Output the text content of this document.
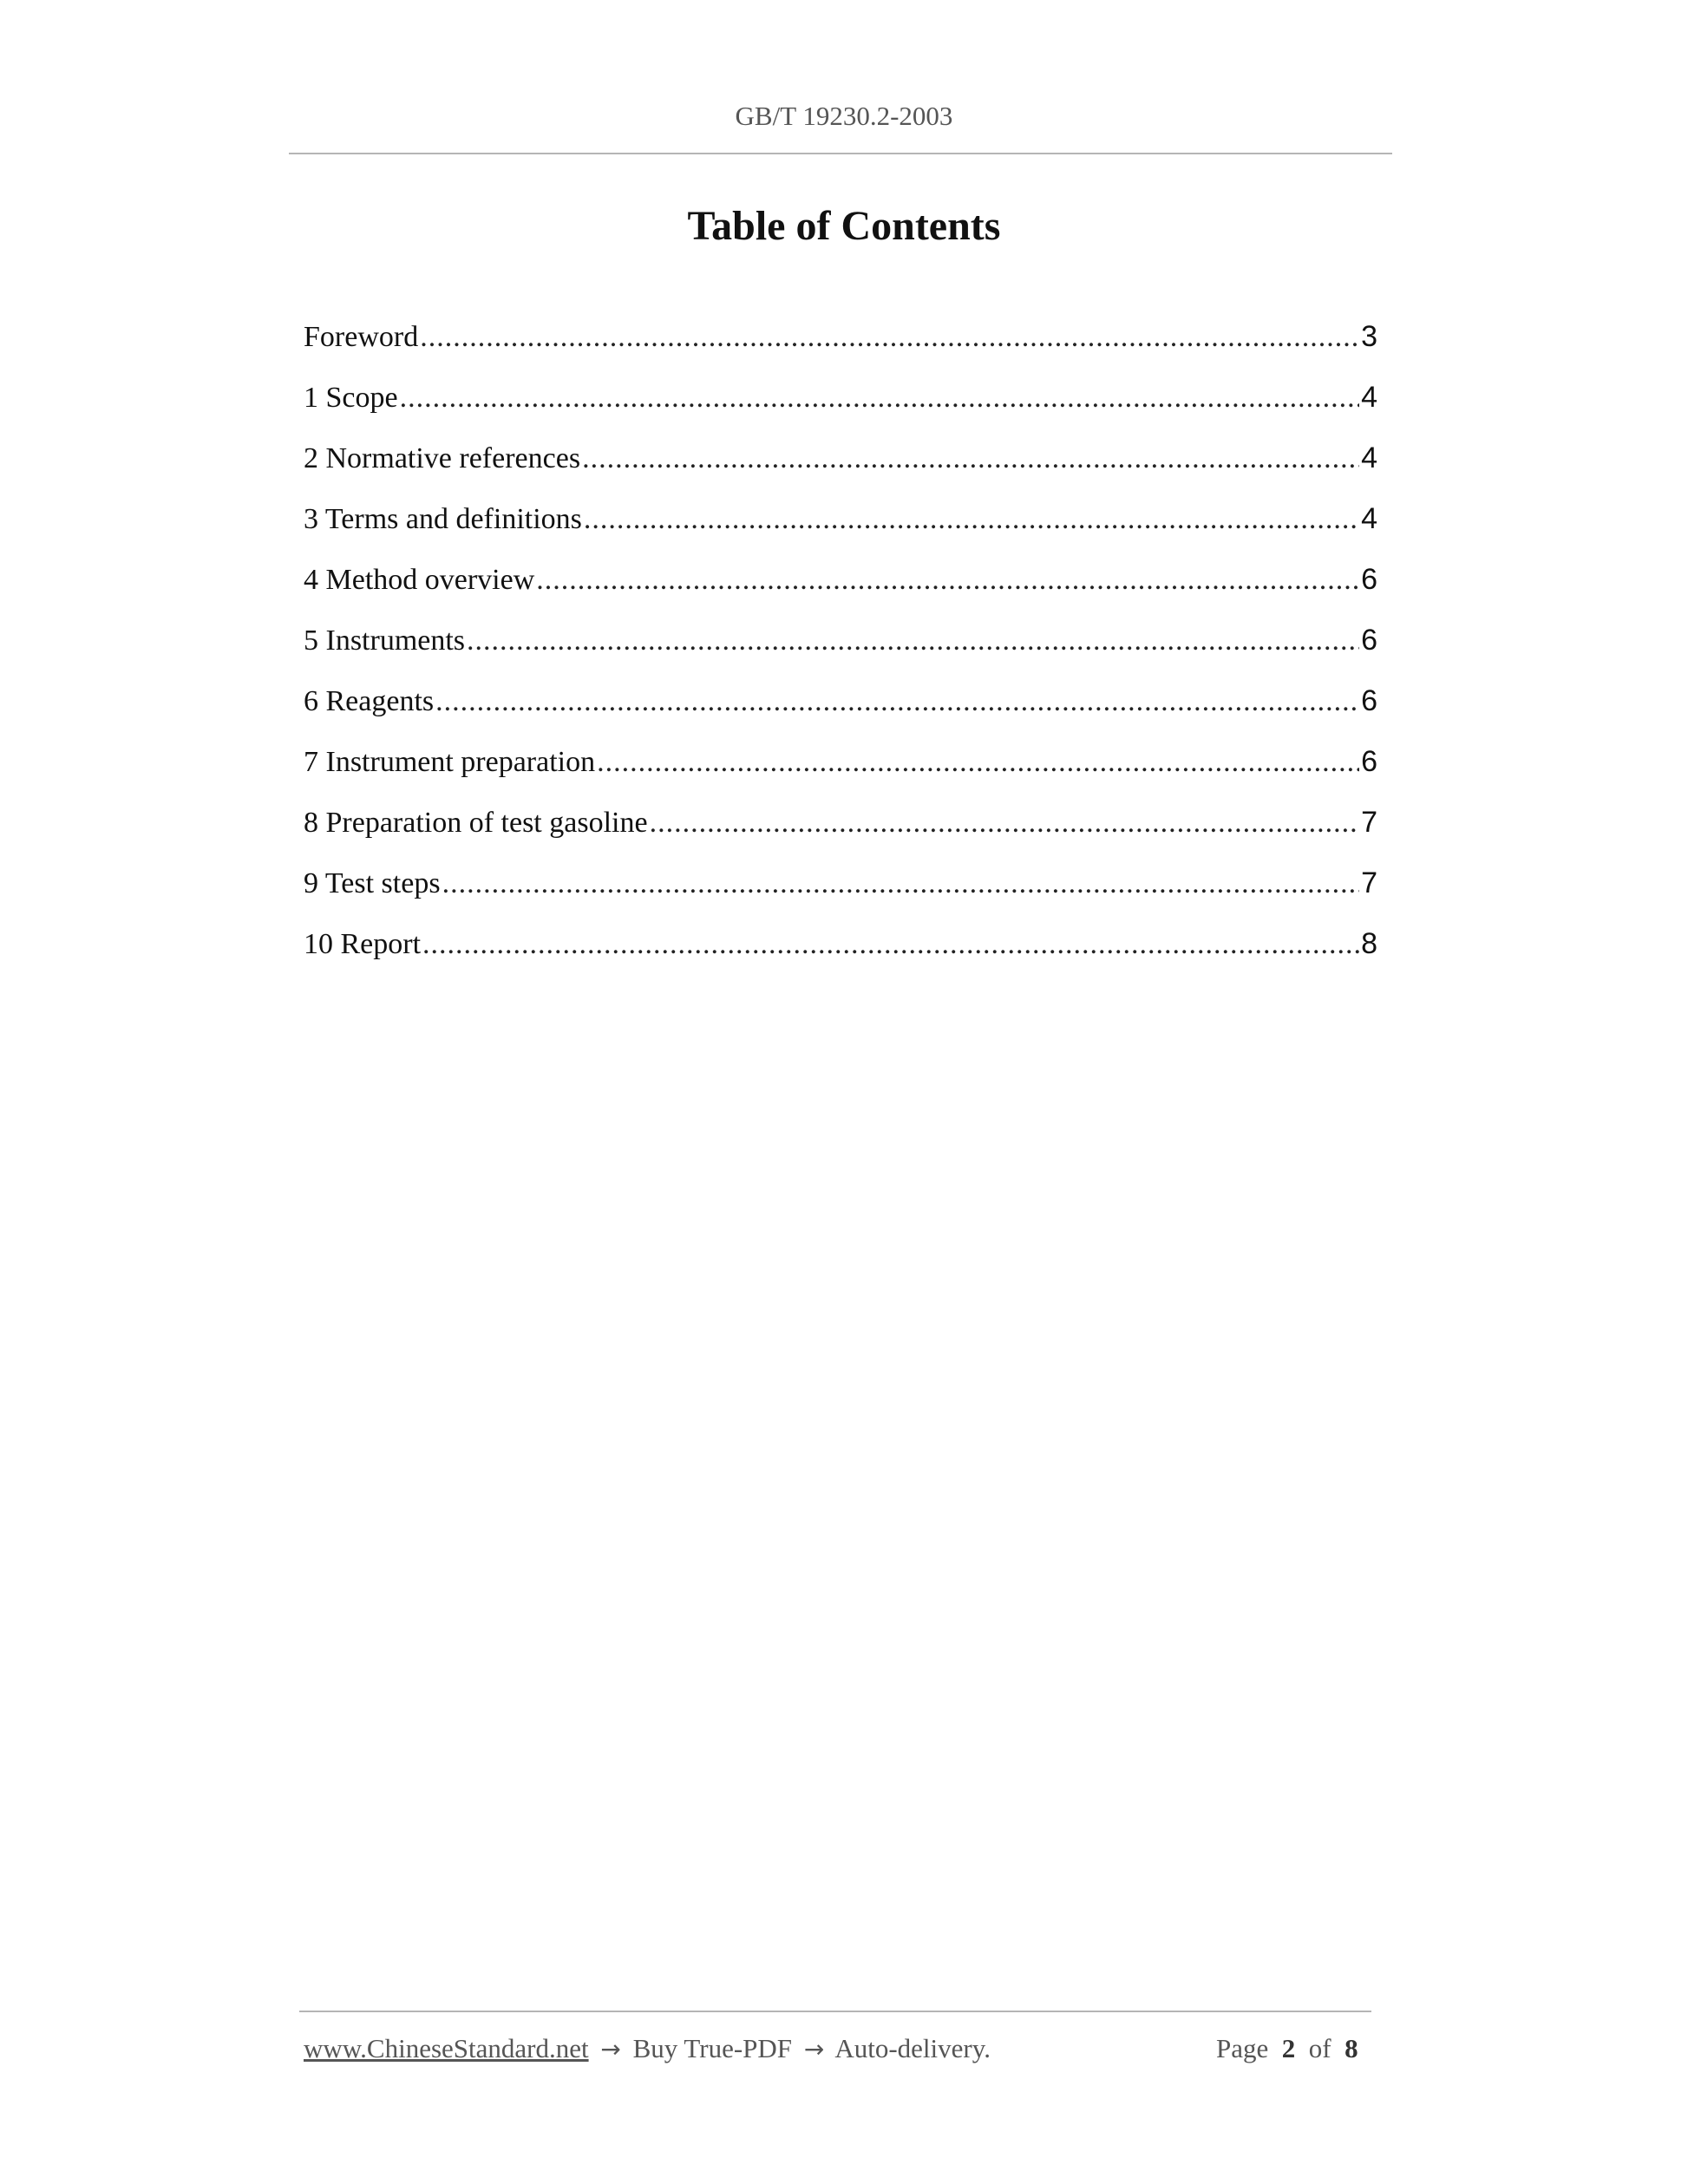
GB/T 19230.2-2003
Table of Contents
Foreword .....	3
1 Scope .....	4
2 Normative references .....	4
3 Terms and definitions .....	4
4 Method overview .....	6
5 Instruments .....	6
6 Reagents .....	6
7 Instrument preparation .....	6
8 Preparation of test gasoline .....	7
9 Test steps .....	7
10 Report .....	8
www.ChineseStandard.net → Buy True-PDF → Auto-delivery.	Page 2 of 8
